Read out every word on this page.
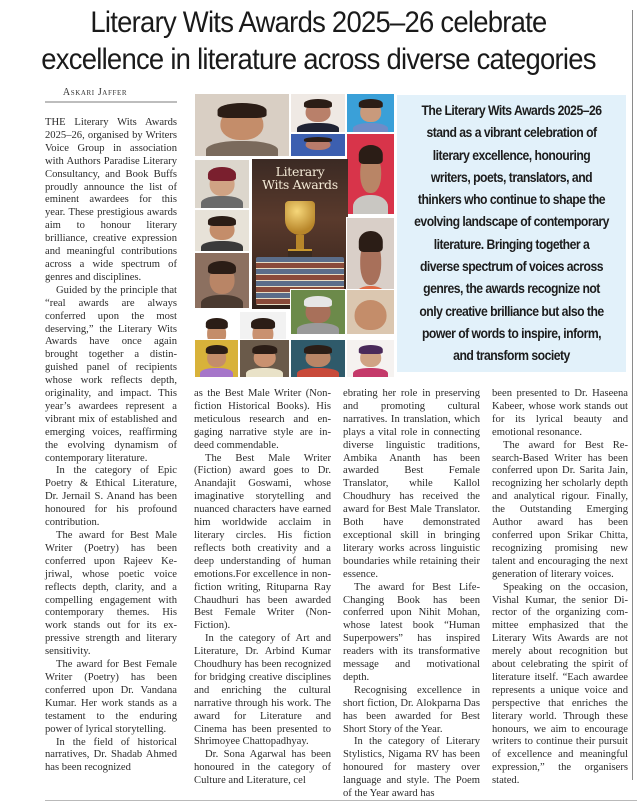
Literary Wits Awards 2025–26 celebrate
excellence in literature across diverse categories
Askari Jaffer

THE Literary Wits Awards 2025–26, organised by Writers Voice Group in association with Authors Paradise Literary Consultancy, and Book Buffs proudly announce the list of eminent awardees for this year. These prestigious awards aim to honour literary brilliance, creative expression and meaningful contributions across a wide spectrum of genres and disciplines.

Guided by the principle that “real awards are always conferred upon the most deserving,” the Literary Wits Awards have once again brought together a distinguished panel of recipients whose work reflects depth, originality, and impact. This year’s awardees represent a vibrant mix of established and emerging voices, reaffirming the evolving dynamism of contemporary literature.

In the category of Epic Poetry & Ethical Literature, Dr. Jernail S. Anand has been honoured for his profound contribution.

The award for Best Male Writer (Poetry) has been conferred upon Rajeev Kejriwal, whose poetic voice reflects depth, clarity, and a compelling engagement with contemporary themes. His work stands out for its expressive strength and literary sensitivity.

The award for Best Female Writer (Poetry) has been conferred upon Dr. Vandana Kumar. Her work stands as a testament to the enduring power of lyrical storytelling.

In the field of historical narratives, Dr. Shadab Ahmed has been recognized

Literary
Wits Awards
The Literary Wits Awards 2025–26 stand as a vibrant celebration of literary excellence, honouring writers, poets, translators, and thinkers who continue to shape the evolving landscape of contemporary literature. Bringing together a diverse spectrum of voices across genres, the awards recognize not only creative brilliance but also the power of words to inspire, inform, and transform society

as the Best Male Writer (Non-fiction Historical Books). His meticulous research and engaging narrative style are indeed commendable.

The Best Male Writer (Fiction) award goes to Dr. Anandajit Goswami, whose imaginative storytelling and nuanced characters have earned him worldwide acclaim in literary circles. His fiction reflects both creativity and a deep understanding of human emotions.For excellence in non-fiction writing, Rituparna Ray Chaudhuri has been awarded Best Female Writer (Non-Fiction).

In the category of Art and Literature, Dr. Arbind Kumar Choudhury has been recognized for bridging creative disciplines and enriching the cultural narrative through his work. The award for Literature and Cinema has been presented to Shrimoyee Chattopadhyay.

Dr. Sona Agarwal has been honoured in the category of Culture and Literature, cel

ebrating her role in preserving and promoting cultural narratives. In translation, which plays a vital role in connecting diverse linguistic traditions, Ambika Ananth has been awarded Best Female Translator, while Kallol Choudhury has received the award for Best Male Translator. Both have demonstrated exceptional skill in bringing literary works across linguistic boundaries while retaining their essence.

The award for Best Life-Changing Book has been conferred upon Nihit Mohan, whose latest book “Human Superpowers” has inspired readers with its transformative message and motivational depth.

Recognising excellence in short fiction, Dr. Alokparna Das has been awarded for Best Short Story of the Year.

In the category of Literary Stylistics, Nigama RV has been honoured for mastery over language and style. The Poem of the Year award has

been presented to Dr. Haseena Kabeer, whose work stands out for its lyrical beauty and emotional resonance.

The award for Best Research-Based Writer has been conferred upon Dr. Sarita Jain, recognizing her scholarly depth and analytical rigour. Finally, the Outstanding Emerging Author award has been conferred upon Srikar Chitta, recognizing promising new talent and encouraging the next generation of literary voices.

Speaking on the occasion, Vishal Kumar, the senior Director of the organizing committee emphasized that the Literary Wits Awards are not merely about recognition but about celebrating the spirit of literature itself. “Each awardee represents a unique voice and perspective that enriches the literary world. Through these honours, we aim to encourage writers to continue their pursuit of excellence and meaningful expression,” the organisers stated.
